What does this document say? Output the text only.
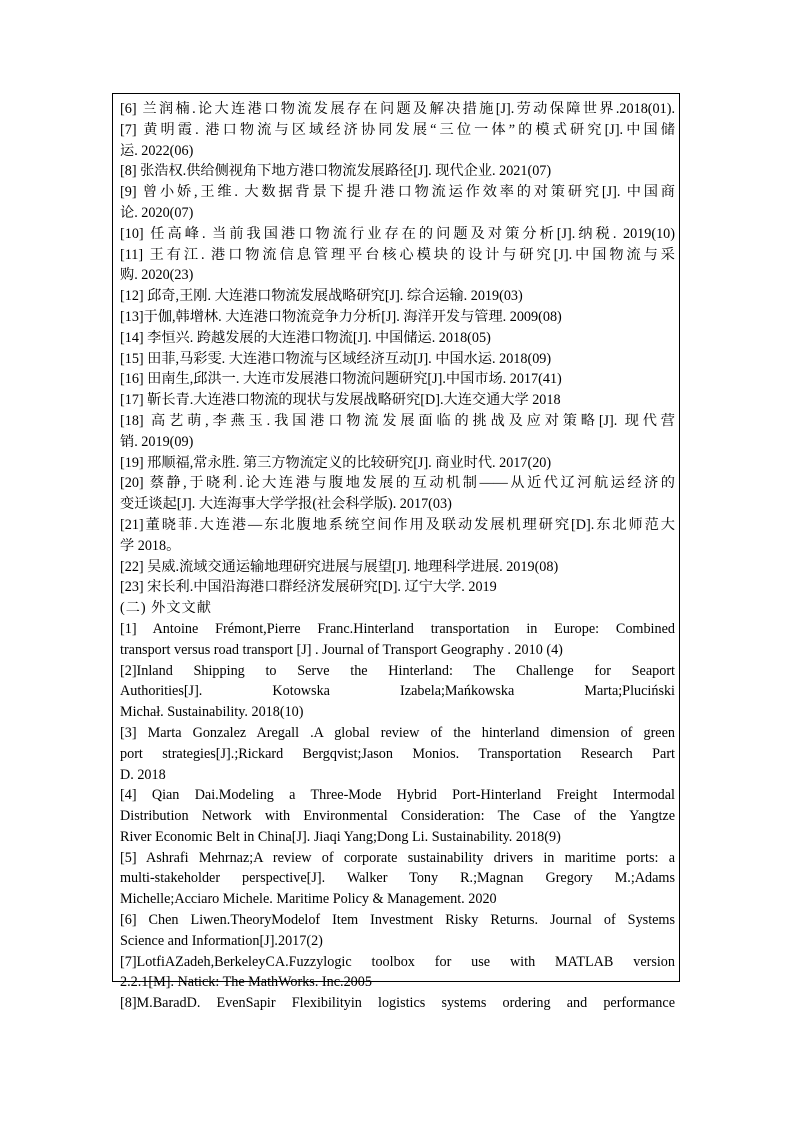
[6] 兰润楠.论大连港口物流发展存在问题及解决措施[J].劳动保障世界.2018(01).
[7] 黄明霞. 港口物流与区域经济协同发展“三位一体”的模式研究[J].中国储
运. 2022(06)
[8] 张浩权.供给侧视角下地方港口物流发展路径[J]. 现代企业. 2021(07)
[9] 曾小娇,王维. 大数据背景下提升港口物流运作效率的对策研究[J]. 中国商
论. 2020(07)
[10] 任高峰. 当前我国港口物流行业存在的问题及对策分析[J].纳税. 2019(10)
[11] 王有江. 港口物流信息管理平台核心模块的设计与研究[J].中国物流与采
购. 2020(23)
[12] 邱奇,王刚. 大连港口物流发展战略研究[J]. 综合运输. 2019(03)
[13]于伽,韩增林. 大连港口物流竞争力分析[J]. 海洋开发与管理. 2009(08)
[14] 李恒兴. 跨越发展的大连港口物流[J]. 中国储运. 2018(05)
[15] 田菲,马彩雯. 大连港口物流与区域经济互动[J]. 中国水运. 2018(09)
[16] 田南生,邱洪一. 大连市发展港口物流问题研究[J].中国市场. 2017(41)
[17] 靳长青.大连港口物流的现状与发展战略研究[D].大连交通大学 2018
[18] 高艺萌,李燕玉.我国港口物流发展面临的挑战及应对策略[J]. 现代营
销. 2019(09)
[19] 邢顺福,常永胜. 第三方物流定义的比较研究[J]. 商业时代. 2017(20)
[20] 蔡静,于晓利.论大连港与腹地发展的互动机制——从近代辽河航运经济的
变迁谈起[J]. 大连海事大学学报(社会科学版). 2017(03)
[21]董晓菲.大连港—东北腹地系统空间作用及联动发展机理研究[D].东北师范大
学 2018。
[22] 吴威.流域交通运输地理研究进展与展望[J]. 地理科学进展. 2019(08)
[23] 宋长利.中国沿海港口群经济发展研究[D]. 辽宁大学. 2019
(二) 外文文献
[1] Antoine Frémont,Pierre Franc.Hinterland transportation in Europe: Combined
transport versus road transport [J] . Journal of Transport Geography . 2010 (4)
[2]Inland Shipping to Serve the Hinterland: The Challenge for Seaport
Authorities[J]. Kotowska Izabela;Mańkowska Marta;Pluciński
Michał. Sustainability. 2018(10)
[3] Marta Gonzalez Aregall .A global review of the hinterland dimension of green
port strategies[J].;Rickard Bergqvist;Jason Monios. Transportation Research Part
D. 2018
[4] Qian Dai.Modeling a Three-Mode Hybrid Port-Hinterland Freight Intermodal
Distribution Network with Environmental Consideration: The Case of the Yangtze
River Economic Belt in China[J]. Jiaqi Yang;Dong Li. Sustainability. 2018(9)
[5] Ashrafi Mehrnaz;A review of corporate sustainability drivers in maritime ports: a
multi-stakeholder perspective[J]. Walker Tony R.;Magnan Gregory M.;Adams
Michelle;Acciaro Michele. Maritime Policy & Management. 2020
[6] Chen Liwen.TheoryModelof Item Investment Risky Returns. Journal of Systems
Science and Information[J].2017(2)
[7]LotfiAZadeh,BerkeleyCA.Fuzzylogic toolbox for use with MATLAB version
2.2.1[M]. Natick: The MathWorks. Inc.2005
[8]M.BaradD. EvenSapir Flexibilityin logistics systems ordering and performance
